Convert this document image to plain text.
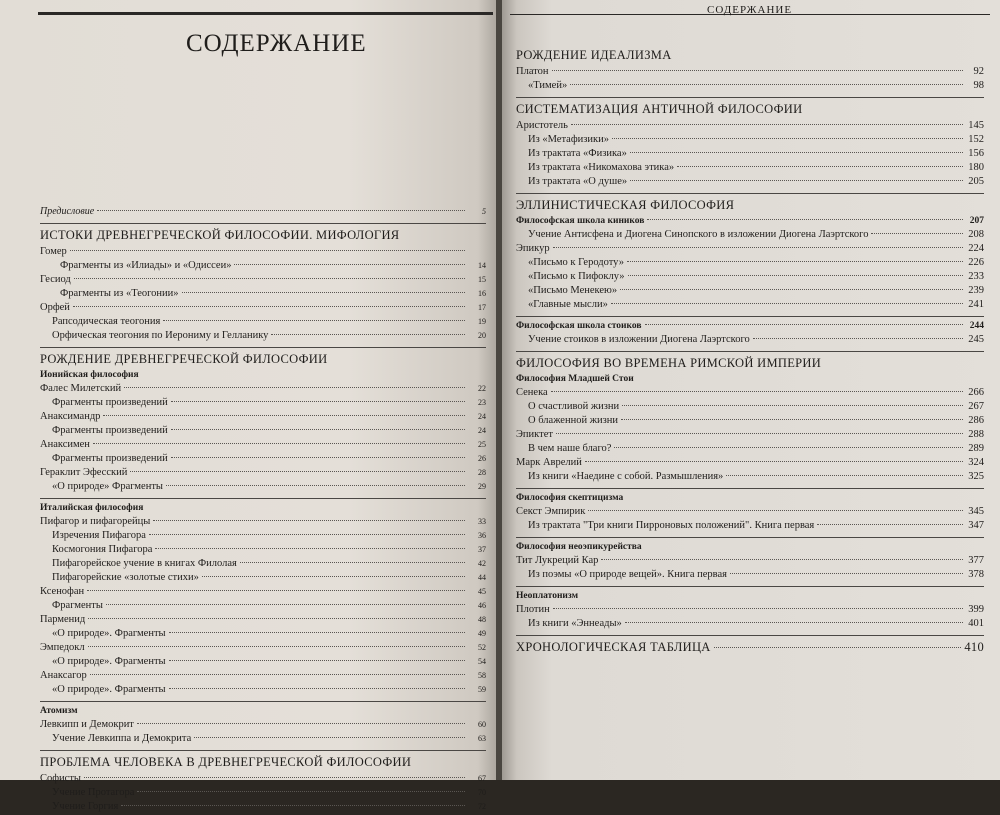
СОДЕРЖАНИЕ
Предисловие	5
ИСТОКИ ДРЕВНЕГРЕЧЕСКОЙ ФИЛОСОФИИ. МИФОЛОГИЯ
Гомер
Фрагменты из «Илиады» и «Одиссеи»	14
Гесиод	15
Фрагменты из «Теогонии»	16
Орфей	17
Рапсодическая теогония	19
Орфическая теогония по Иерониму и Гелланику	20
РОЖДЕНИЕ ДРЕВНЕГРЕЧЕСКОЙ ФИЛОСОФИИ
Ионийская философия
Фалес Милетский	22
Фрагменты произведений	23
Анаксимандр	24
Фрагменты произведений	24
Анаксимен	25
Фрагменты произведений	26
Гераклит Эфесский	28
«О природе» Фрагменты	29
Италийская философия
Пифагор и пифагорейцы	33
Изречения Пифагора	36
Космогония Пифагора	37
Пифагорейское учение в книгах Филолая	42
Пифагорейские «золотые стихи»	44
Ксенофан	45
Фрагменты	46
Парменид	48
«О природе». Фрагменты	49
Эмпедокл	52
«О природе». Фрагменты	54
Анаксагор	58
«О природе». Фрагменты	59
Атомизм
Левкипп и Демокрит	60
Учение Левкиппа и Демокрита	63
ПРОБЛЕМА ЧЕЛОВЕКА В ДРЕВНЕГРЕЧЕСКОЙ ФИЛОСОФИИ
Софисты	67
Учение Протагора	70
Учение Горгия	72
СОДЕРЖАНИЕ
РОЖДЕНИЕ ИДЕАЛИЗМА
Платон	92
«Тимей»	98
СИСТЕМАТИЗАЦИЯ АНТИЧНОЙ ФИЛОСОФИИ
Аристотель	145
Из «Метафизики»	152
Из трактата «Физика»	156
Из трактата «Никомахова этика»	180
Из трактата «О душе»	205
ЭЛЛИНИСТИЧЕСКАЯ ФИЛОСОФИЯ
Философская школа киников	207
Учение Антисфена и Диогена Синопского в изложении Диогена Лаэртского	208
Эпикур	224
«Письмо к Геродоту»	226
«Письмо к Пифоклу»	233
«Письмо Менекею»	239
«Главные мысли»	241
Философская школа стоиков	244
Учение стоиков в изложении Диогена Лаэртского	245
ФИЛОСОФИЯ ВО ВРЕМЕНА РИМСКОЙ ИМПЕРИИ
Философия Младшей Стои
Сенека	266
О счастливой жизни	267
О блаженной жизни	286
Эпиктет	288
В чем наше благо?	289
Марк Аврелий	324
Из книги «Наедине с собой. Размышления»	325
Философия скептицизма
Секст Эмпирик	345
Из трактата "Три книги Пирроновых положений". Книга первая	347
Философия неоэпикурейства
Тит Лукреций Кар	377
Из поэмы «О природе вещей». Книга первая	378
Неоплатонизм
Плотин	399
Из книги «Эннеады»	401
ХРОНОЛОГИЧЕСКАЯ ТАБЛИЦА	410
